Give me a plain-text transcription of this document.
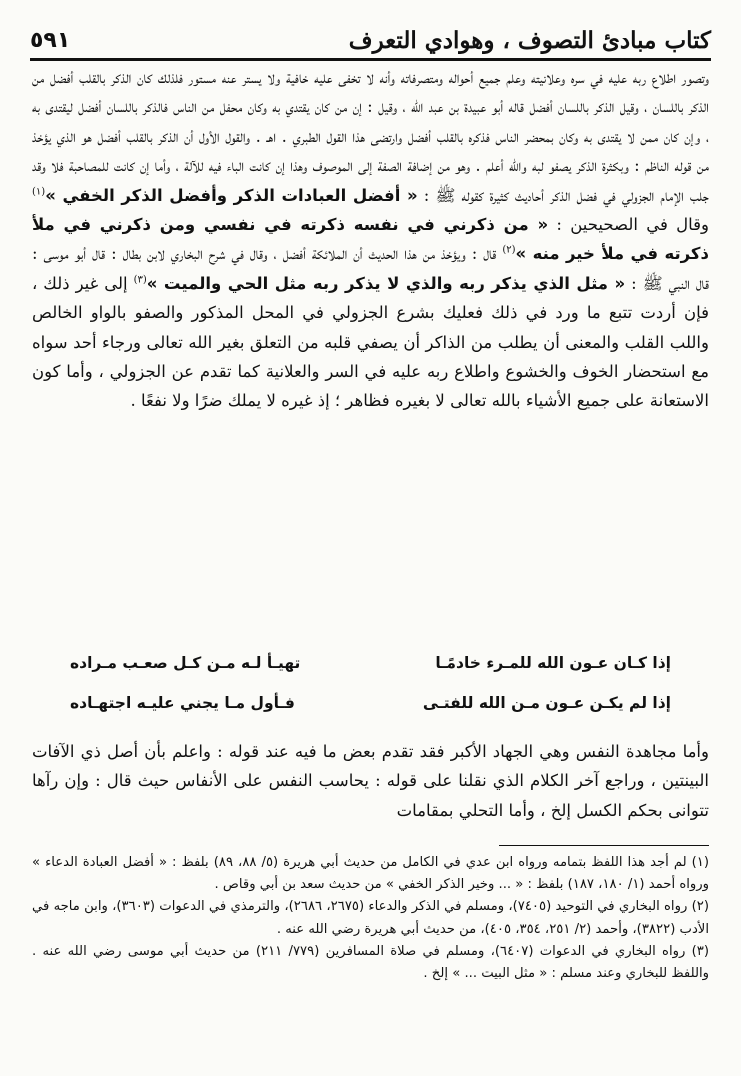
كتاب مبادئ التصوف ، وهوادي التعرف
٥٩١

وتصور اطلاع ربه عليه في سره وعلانيته وعلم جميع أحواله ومتصرفاته وأنه لا تخفى عليه خافية ولا يستر عنه مستور فلذلك كان الذكر بالقلب أفضل من الذكر باللسان ، وقيل الذكر باللسان أفضل قاله أبو عبيدة بن عبد الله ، وقيل : إن من كان يقتدي به وكان محفل من الناس فالذكر باللسان أفضل ليقتدى به ، وإن كان ممن لا يقتدى به وكان بمحضر الناس فذكره بالقلب أفضل وارتضى هذا القول الطبري . اهـ . والقول الأول أن الذكر بالقلب أفضل هو الذي يؤخذ من قوله الناظم : وبكثرة الذكر يصفو لبه والله أعلم . وهو من إضافة الصفة إلى الموصوف وهذا إن كانت الباء فيه للآلة ، وأما إن كانت للمصاحبة فلا وقد جلب الإمام الجزولي في فضل الذكر أحاديث كثيرة كقوله ﷺ : « أفضل العبادات الذكر وأفضل الذكر الخفي »$^{(١)}$ وقال في الصحيحين : « من ذكرني في نفسه ذكرته في نفسي ومن ذكرني في ملأ ذكرته في ملأ خير منه »$^{(٢)}$ قال : ويؤخذ من هذا الحديث أن الملائكة أفضل ، وقال في شرح البخاري لابن بطال : قال أبو موسى : قال النبي ﷺ : « مثل الذي يذكر ربه والذي لا يذكر ربه مثل الحي والميت »$^{(٣)}$ إلى غير ذلك ، فإن أردت تتبع ما ورد في ذلك فعليك بشرع الجزولي في المحل المذكور والصفو بالواو الخالص واللب القلب والمعنى أن يطلب من الذاكر أن يصفي قلبه من التعلق بغير الله تعالى ورجاء أحد سواه مع استحضار الخوف والخشوع واطلاع ربه عليه في السر والعلانية كما تقدم عن الجزولي ، وأما كون الاستعانة على جميع الأشياء بالله تعالى لا بغيره فظاهر ؛ إذ غيره لا يملك ضرًا ولا نفعًا .

إذا كـان عـون الله للمـرء خادمًـا
تهيـأ لـه مـن كـل صعـب مـراده
إذا لم يكـن عـون مـن الله للفتـى
فـأول مـا يجني عليـه اجتهـاده
وأما مجاهدة النفس وهي الجهاد الأكبر فقد تقدم بعض ما فيه عند قوله : واعلم بأن أصل ذي الآفات البينتين ، وراجع آخر الكلام الذي نقلنا على قوله : يحاسب النفس على الأنفاس حيث قال : وإن رآها تتوانى بحكم الكسل إلخ ، وأما التحلي بمقامات

(١) لم أجد هذا اللفظ بتمامه ورواه ابن عدي في الكامل من حديث أبي هريرة (٥/ ٨٨، ٨٩) بلفظ : « أفضل العبادة الدعاء » ورواه أحمد (١/ ١٨٠، ١٨٧) بلفظ : « ... وخير الذكر الخفي » من حديث سعد بن أبي وقاص .

(٢) رواه البخاري في التوحيد (٧٤٠٥)، ومسلم في الذكر والدعاء (٢٦٧٥، ٢٦٨٦)، والترمذي في الدعوات (٣٦٠٣)، وابن ماجه في الأدب (٣٨٢٢)، وأحمد (٢/ ٢٥١، ٣٥٤، ٤٠٥)، من حديث أبي هريرة رضي الله عنه .

(٣) رواه البخاري في الدعوات (٦٤٠٧)، ومسلم في صلاة المسافرين (٧٧٩/ ٢١١) من حديث أبي موسى رضي الله عنه . واللفظ للبخاري وعند مسلم : « مثل البيت ... » إلخ .
